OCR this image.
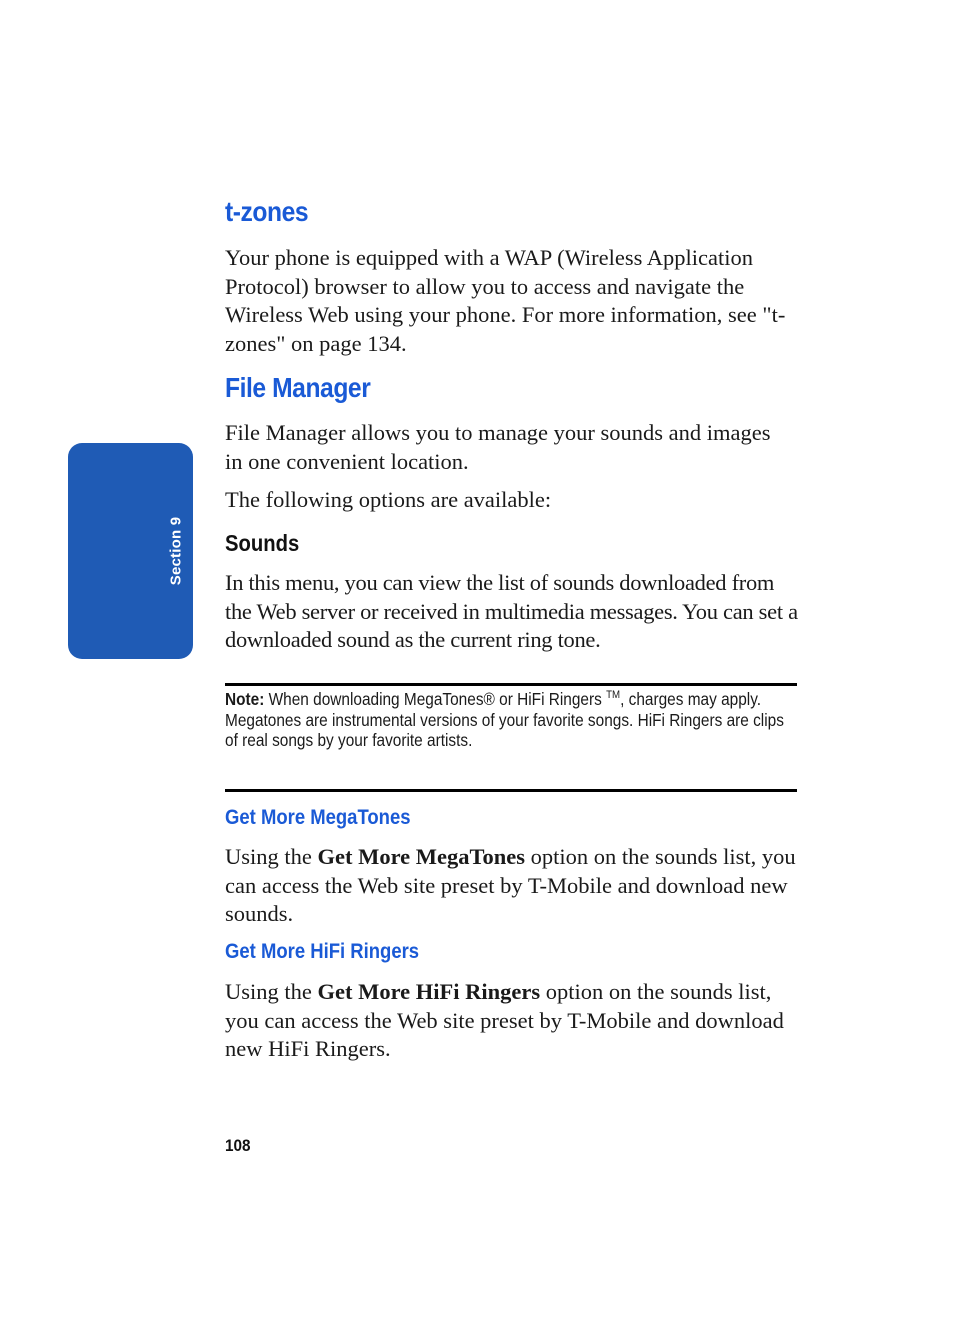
Section 9
t-zones

Your phone is equipped with a WAP (Wireless Application Protocol) browser to allow you to access and navigate the Wireless Web using your phone. For more information, see "t-zones" on page 134.

File Manager

File Manager allows you to manage your sounds and images in one convenient location.

The following options are available:

Sounds

In this menu, you can view the list of sounds downloaded from the Web server or received in multimedia messages. You can set a downloaded sound as the current ring tone.

Note: When downloading MegaTones® or HiFi Ringers ™, charges may apply.
Megatones are instrumental versions of your favorite songs. HiFi Ringers are clips of real songs by your favorite artists.
Get More MegaTones

Using the Get More MegaTones option on the sounds list, you can access the Web site preset by T-Mobile and download new sounds.

Get More HiFi Ringers

Using the Get More HiFi Ringers option on the sounds list, you can access the Web site preset by T-Mobile and download new HiFi Ringers.

108
